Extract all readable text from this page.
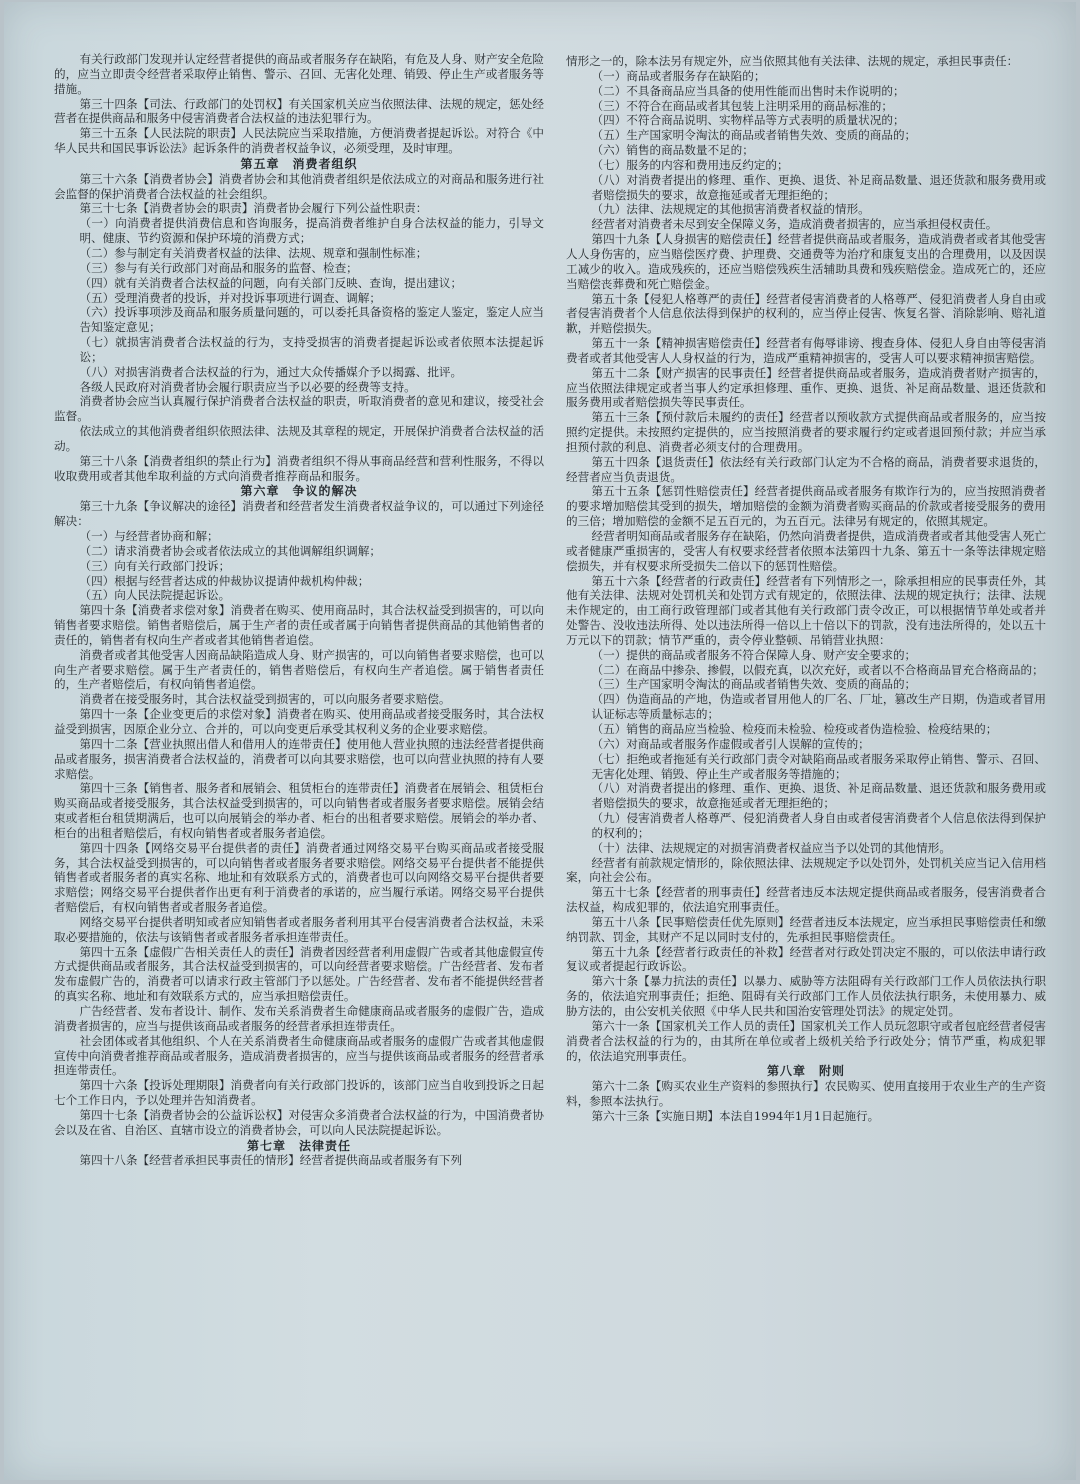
有关行政部门发现并认定经营者提供的商品或者服务存在缺陷，有危及人身、财产安全危险的，应当立即责令经营者采取停止销售、警示、召回、无害化处理、销毁、停止生产或者服务等措施。

第三十四条【司法、行政部门的处罚权】有关国家机关应当依照法律、法规的规定，惩处经营者在提供商品和服务中侵害消费者合法权益的违法犯罪行为。

第三十五条【人民法院的职责】人民法院应当采取措施，方便消费者提起诉讼。对符合《中华人民共和国民事诉讼法》起诉条件的消费者权益争议，必须受理，及时审理。

第五章　消费者组织

第三十六条【消费者协会】消费者协会和其他消费者组织是依法成立的对商品和服务进行社会监督的保护消费者合法权益的社会组织。

第三十七条【消费者协会的职责】消费者协会履行下列公益性职责：

（一）向消费者提供消费信息和咨询服务，提高消费者维护自身合法权益的能力，引导文明、健康、节约资源和保护环境的消费方式；

（二）参与制定有关消费者权益的法律、法规、规章和强制性标准；

（三）参与有关行政部门对商品和服务的监督、检查；

（四）就有关消费者合法权益的问题，向有关部门反映、查询，提出建议；

（五）受理消费者的投诉，并对投诉事项进行调查、调解；

（六）投诉事项涉及商品和服务质量问题的，可以委托具备资格的鉴定人鉴定，鉴定人应当告知鉴定意见；

（七）就损害消费者合法权益的行为，支持受损害的消费者提起诉讼或者依照本法提起诉讼；

（八）对损害消费者合法权益的行为，通过大众传播媒介予以揭露、批评。

各级人民政府对消费者协会履行职责应当予以必要的经费等支持。

消费者协会应当认真履行保护消费者合法权益的职责，听取消费者的意见和建议，接受社会监督。

依法成立的其他消费者组织依照法律、法规及其章程的规定，开展保护消费者合法权益的活动。

第三十八条【消费者组织的禁止行为】消费者组织不得从事商品经营和营利性服务，不得以收取费用或者其他牟取利益的方式向消费者推荐商品和服务。

第六章　争议的解决

第三十九条【争议解决的途径】消费者和经营者发生消费者权益争议的，可以通过下列途径解决：

（一）与经营者协商和解；

（二）请求消费者协会或者依法成立的其他调解组织调解；

（三）向有关行政部门投诉；

（四）根据与经营者达成的仲裁协议提请仲裁机构仲裁；

（五）向人民法院提起诉讼。

第四十条【消费者求偿对象】消费者在购买、使用商品时，其合法权益受到损害的，可以向销售者要求赔偿。销售者赔偿后，属于生产者的责任或者属于向销售者提供商品的其他销售者的责任的，销售者有权向生产者或者其他销售者追偿。

消费者或者其他受害人因商品缺陷造成人身、财产损害的，可以向销售者要求赔偿，也可以向生产者要求赔偿。属于生产者责任的，销售者赔偿后，有权向生产者追偿。属于销售者责任的，生产者赔偿后，有权向销售者追偿。

消费者在接受服务时，其合法权益受到损害的，可以向服务者要求赔偿。

第四十一条【企业变更后的求偿对象】消费者在购买、使用商品或者接受服务时，其合法权益受到损害，因原企业分立、合并的，可以向变更后承受其权利义务的企业要求赔偿。

第四十二条【营业执照出借人和借用人的连带责任】使用他人营业执照的违法经营者提供商品或者服务，损害消费者合法权益的，消费者可以向其要求赔偿，也可以向营业执照的持有人要求赔偿。

第四十三条【销售者、服务者和展销会、租赁柜台的连带责任】消费者在展销会、租赁柜台购买商品或者接受服务，其合法权益受到损害的，可以向销售者或者服务者要求赔偿。展销会结束或者柜台租赁期满后，也可以向展销会的举办者、柜台的出租者要求赔偿。展销会的举办者、柜台的出租者赔偿后，有权向销售者或者服务者追偿。

第四十四条【网络交易平台提供者的责任】消费者通过网络交易平台购买商品或者接受服务，其合法权益受到损害的，可以向销售者或者服务者要求赔偿。网络交易平台提供者不能提供销售者或者服务者的真实名称、地址和有效联系方式的，消费者也可以向网络交易平台提供者要求赔偿；网络交易平台提供者作出更有利于消费者的承诺的，应当履行承诺。网络交易平台提供者赔偿后，有权向销售者或者服务者追偿。

网络交易平台提供者明知或者应知销售者或者服务者利用其平台侵害消费者合法权益，未采取必要措施的，依法与该销售者或者服务者承担连带责任。

第四十五条【虚假广告相关责任人的责任】消费者因经营者利用虚假广告或者其他虚假宣传方式提供商品或者服务，其合法权益受到损害的，可以向经营者要求赔偿。广告经营者、发布者发布虚假广告的，消费者可以请求行政主管部门予以惩处。广告经营者、发布者不能提供经营者的真实名称、地址和有效联系方式的，应当承担赔偿责任。

广告经营者、发布者设计、制作、发布关系消费者生命健康商品或者服务的虚假广告，造成消费者损害的，应当与提供该商品或者服务的经营者承担连带责任。

社会团体或者其他组织、个人在关系消费者生命健康商品或者服务的虚假广告或者其他虚假宣传中向消费者推荐商品或者服务，造成消费者损害的，应当与提供该商品或者服务的经营者承担连带责任。

第四十六条【投诉处理期限】消费者向有关行政部门投诉的，该部门应当自收到投诉之日起七个工作日内，予以处理并告知消费者。

第四十七条【消费者协会的公益诉讼权】对侵害众多消费者合法权益的行为，中国消费者协会以及在省、自治区、直辖市设立的消费者协会，可以向人民法院提起诉讼。

第七章　法律责任

第四十八条【经营者承担民事责任的情形】经营者提供商品或者服务有下列

情形之一的，除本法另有规定外，应当依照其他有关法律、法规的规定，承担民事责任：

（一）商品或者服务存在缺陷的；

（二）不具备商品应当具备的使用性能而出售时未作说明的；

（三）不符合在商品或者其包装上注明采用的商品标准的；

（四）不符合商品说明、实物样品等方式表明的质量状况的；

（五）生产国家明令淘汰的商品或者销售失效、变质的商品的；

（六）销售的商品数量不足的；

（七）服务的内容和费用违反约定的；

（八）对消费者提出的修理、重作、更换、退货、补足商品数量、退还货款和服务费用或者赔偿损失的要求，故意拖延或者无理拒绝的；

（九）法律、法规规定的其他损害消费者权益的情形。

经营者对消费者未尽到安全保障义务，造成消费者损害的，应当承担侵权责任。

第四十九条【人身损害的赔偿责任】经营者提供商品或者服务，造成消费者或者其他受害人人身伤害的，应当赔偿医疗费、护理费、交通费等为治疗和康复支出的合理费用，以及因误工减少的收入。造成残疾的，还应当赔偿残疾生活辅助具费和残疾赔偿金。造成死亡的，还应当赔偿丧葬费和死亡赔偿金。

第五十条【侵犯人格尊严的责任】经营者侵害消费者的人格尊严、侵犯消费者人身自由或者侵害消费者个人信息依法得到保护的权利的，应当停止侵害、恢复名誉、消除影响、赔礼道歉，并赔偿损失。

第五十一条【精神损害赔偿责任】经营者有侮辱诽谤、搜查身体、侵犯人身自由等侵害消费者或者其他受害人人身权益的行为，造成严重精神损害的，受害人可以要求精神损害赔偿。

第五十二条【财产损害的民事责任】经营者提供商品或者服务，造成消费者财产损害的，应当依照法律规定或者当事人约定承担修理、重作、更换、退货、补足商品数量、退还货款和服务费用或者赔偿损失等民事责任。

第五十三条【预付款后未履约的责任】经营者以预收款方式提供商品或者服务的，应当按照约定提供。未按照约定提供的，应当按照消费者的要求履行约定或者退回预付款；并应当承担预付款的利息、消费者必须支付的合理费用。

第五十四条【退货责任】依法经有关行政部门认定为不合格的商品，消费者要求退货的，经营者应当负责退货。

第五十五条【惩罚性赔偿责任】经营者提供商品或者服务有欺诈行为的，应当按照消费者的要求增加赔偿其受到的损失，增加赔偿的金额为消费者购买商品的价款或者接受服务的费用的三倍；增加赔偿的金额不足五百元的，为五百元。法律另有规定的，依照其规定。

经营者明知商品或者服务存在缺陷，仍然向消费者提供，造成消费者或者其他受害人死亡或者健康严重损害的，受害人有权要求经营者依照本法第四十九条、第五十一条等法律规定赔偿损失，并有权要求所受损失二倍以下的惩罚性赔偿。

第五十六条【经营者的行政责任】经营者有下列情形之一，除承担相应的民事责任外，其他有关法律、法规对处罚机关和处罚方式有规定的，依照法律、法规的规定执行；法律、法规未作规定的，由工商行政管理部门或者其他有关行政部门责令改正，可以根据情节单处或者并处警告、没收违法所得、处以违法所得一倍以上十倍以下的罚款，没有违法所得的，处以五十万元以下的罚款；情节严重的，责令停业整顿、吊销营业执照：

（一）提供的商品或者服务不符合保障人身、财产安全要求的；

（二）在商品中掺杂、掺假，以假充真，以次充好，或者以不合格商品冒充合格商品的；

（三）生产国家明令淘汰的商品或者销售失效、变质的商品的；

（四）伪造商品的产地，伪造或者冒用他人的厂名、厂址，篡改生产日期，伪造或者冒用认证标志等质量标志的；

（五）销售的商品应当检验、检疫而未检验、检疫或者伪造检验、检疫结果的；

（六）对商品或者服务作虚假或者引人误解的宣传的；

（七）拒绝或者拖延有关行政部门责令对缺陷商品或者服务采取停止销售、警示、召回、无害化处理、销毁、停止生产或者服务等措施的；

（八）对消费者提出的修理、重作、更换、退货、补足商品数量、退还货款和服务费用或者赔偿损失的要求，故意拖延或者无理拒绝的；

（九）侵害消费者人格尊严、侵犯消费者人身自由或者侵害消费者个人信息依法得到保护的权利的；

（十）法律、法规规定的对损害消费者权益应当予以处罚的其他情形。

经营者有前款规定情形的，除依照法律、法规规定予以处罚外，处罚机关应当记入信用档案，向社会公布。

第五十七条【经营者的刑事责任】经营者违反本法规定提供商品或者服务，侵害消费者合法权益，构成犯罪的，依法追究刑事责任。

第五十八条【民事赔偿责任优先原则】经营者违反本法规定，应当承担民事赔偿责任和缴纳罚款、罚金，其财产不足以同时支付的，先承担民事赔偿责任。

第五十九条【经营者行政责任的补救】经营者对行政处罚决定不服的，可以依法申请行政复议或者提起行政诉讼。

第六十条【暴力抗法的责任】以暴力、威胁等方法阻碍有关行政部门工作人员依法执行职务的，依法追究刑事责任；拒绝、阻碍有关行政部门工作人员依法执行职务，未使用暴力、威胁方法的，由公安机关依照《中华人民共和国治安管理处罚法》的规定处罚。

第六十一条【国家机关工作人员的责任】国家机关工作人员玩忽职守或者包庇经营者侵害消费者合法权益的行为的，由其所在单位或者上级机关给予行政处分；情节严重，构成犯罪的，依法追究刑事责任。

第八章　附则

第六十二条【购买农业生产资料的参照执行】农民购买、使用直接用于农业生产的生产资料，参照本法执行。

第六十三条【实施日期】本法自1994年1月1日起施行。
